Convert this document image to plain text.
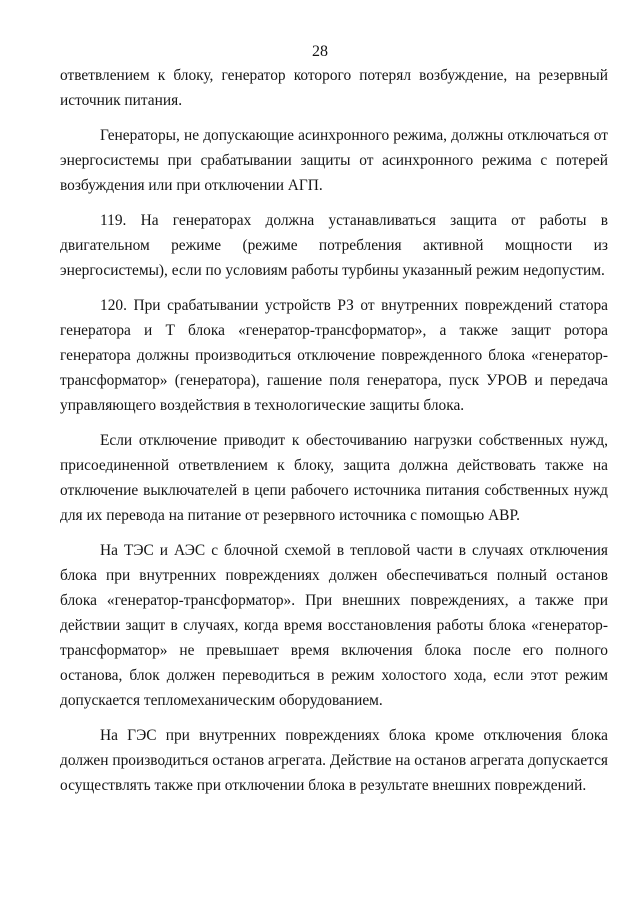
28

ответвлением к блоку, генератор которого потерял возбуждение, на резервный источник питания.

Генераторы, не допускающие асинхронного режима, должны отключаться от энергосистемы при срабатывании защиты от асинхронного режима с потерей возбуждения или при отключении АГП.

119. На генераторах должна устанавливаться защита от работы в двигательном режиме (режиме потребления активной мощности из энергосистемы), если по условиям работы турбины указанный режим недопустим.

120. При срабатывании устройств РЗ от внутренних повреждений статора генератора и Т блока «генератор-трансформатор», а также защит ротора генератора должны производиться отключение поврежденного блока «генератор-трансформатор» (генератора), гашение поля генератора, пуск УРОВ и передача управляющего воздействия в технологические защиты блока.

Если отключение приводит к обесточиванию нагрузки собственных нужд, присоединенной ответвлением к блоку, защита должна действовать также на отключение выключателей в цепи рабочего источника питания собственных нужд для их перевода на питание от резервного источника с помощью АВР.

На ТЭС и АЭС с блочной схемой в тепловой части в случаях отключения блока при внутренних повреждениях должен обеспечиваться полный останов блока «генератор-трансформатор». При внешних повреждениях, а также при действии защит в случаях, когда время восстановления работы блока «генератор-трансформатор» не превышает время включения блока после его полного останова, блок должен переводиться в режим холостого хода, если этот режим допускается тепломеханическим оборудованием.

На ГЭС при внутренних повреждениях блока кроме отключения блока должен производиться останов агрегата. Действие на останов агрегата допускается осуществлять также при отключении блока в результате внешних повреждений.
